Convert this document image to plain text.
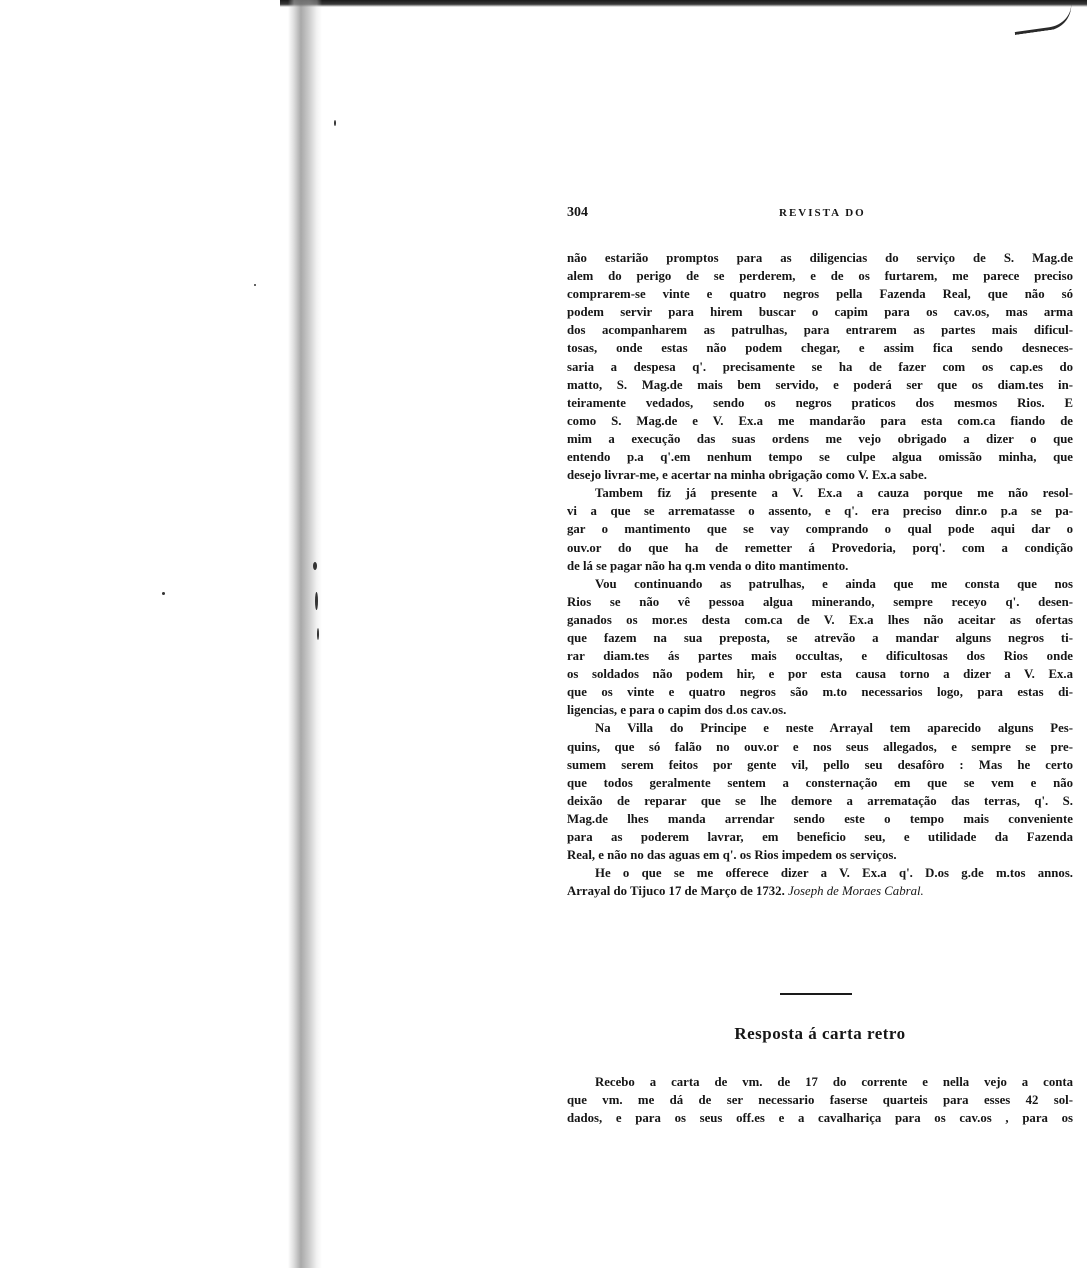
304	REVISTA DO

não estarião promptos para as diligencias do serviço de S. Mag.de

alem do perigo de se perderem, e de os furtarem, me parece preciso

comprarem-se vinte e quatro negros pella Fazenda Real, que não só

podem servir para hirem buscar o capim para os cav.os, mas arma

dos acompanharem as patrulhas, para entrarem as partes mais dificul-

tosas, onde estas não podem chegar, e assim fica sendo desneces-

saria a despesa q'. precisamente se ha de fazer com os cap.es do

matto, S. Mag.de mais bem servido, e poderá ser que os diam.tes in-

teiramente vedados, sendo os negros praticos dos mesmos Rios. E

como S. Mag.de e V. Ex.a me mandarão para esta com.ca fiando de

mim a execução das suas ordens me vejo obrigado a dizer o que

entendo p.a q'.em nenhum tempo se culpe algua omissão minha, que

desejo livrar-me, e acertar na minha obrigação como V. Ex.a sabe.

Tambem fiz já presente a V. Ex.a a cauza porque me não resol-

vi a que se arrematasse o assento, e q'. era preciso dinr.o p.a se pa-

gar o mantimento que se vay comprando o qual pode aqui dar o

ouv.or do que ha de remetter á Provedoria, porq'. com a condição

de lá se pagar não ha q.m venda o dito mantimento.

Vou continuando as patrulhas, e ainda que me consta que nos

Rios se não vê pessoa algua minerando, sempre receyo q'. desen-

ganados os mor.es desta com.ca de V. Ex.a lhes não aceitar as ofertas

que fazem na sua preposta, se atrevão a mandar alguns negros ti-

rar diam.tes ás partes mais occultas, e dificultosas dos Rios onde

os soldados não podem hir, e por esta causa torno a dizer a V. Ex.a

que os vinte e quatro negros são m.to necessarios logo, para estas di-

ligencias, e para o capim dos d.os cav.os.

Na Villa do Principe e neste Arrayal tem aparecido alguns Pes-

quins, que só falão no ouv.or e nos seus allegados, e sempre se pre-

sumem serem feitos por gente vil, pello seu desafôro : Mas he certo

que todos geralmente sentem a consternação em que se vem e não

deixão de reparar que se lhe demore a arrematação das terras, q'. S.

Mag.de lhes manda arrendar sendo este o tempo mais conveniente

para as poderem lavrar, em beneficio seu, e utilidade da Fazenda

Real, e não no das aguas em q'. os Rios impedem os serviços.

He o que se me offerece dizer a V. Ex.a q'. D.os g.de m.tos annos.

Arrayal do Tijuco 17 de Março de 1732. Joseph de Moraes Cabral.

Resposta á carta retro

Recebo a carta de vm. de 17 do corrente e nella vejo a conta

que vm. me dá de ser necessario faserse quarteis para esses 42 sol-

dados, e para os seus off.es e a cavalhariça para os cav.os , para os
